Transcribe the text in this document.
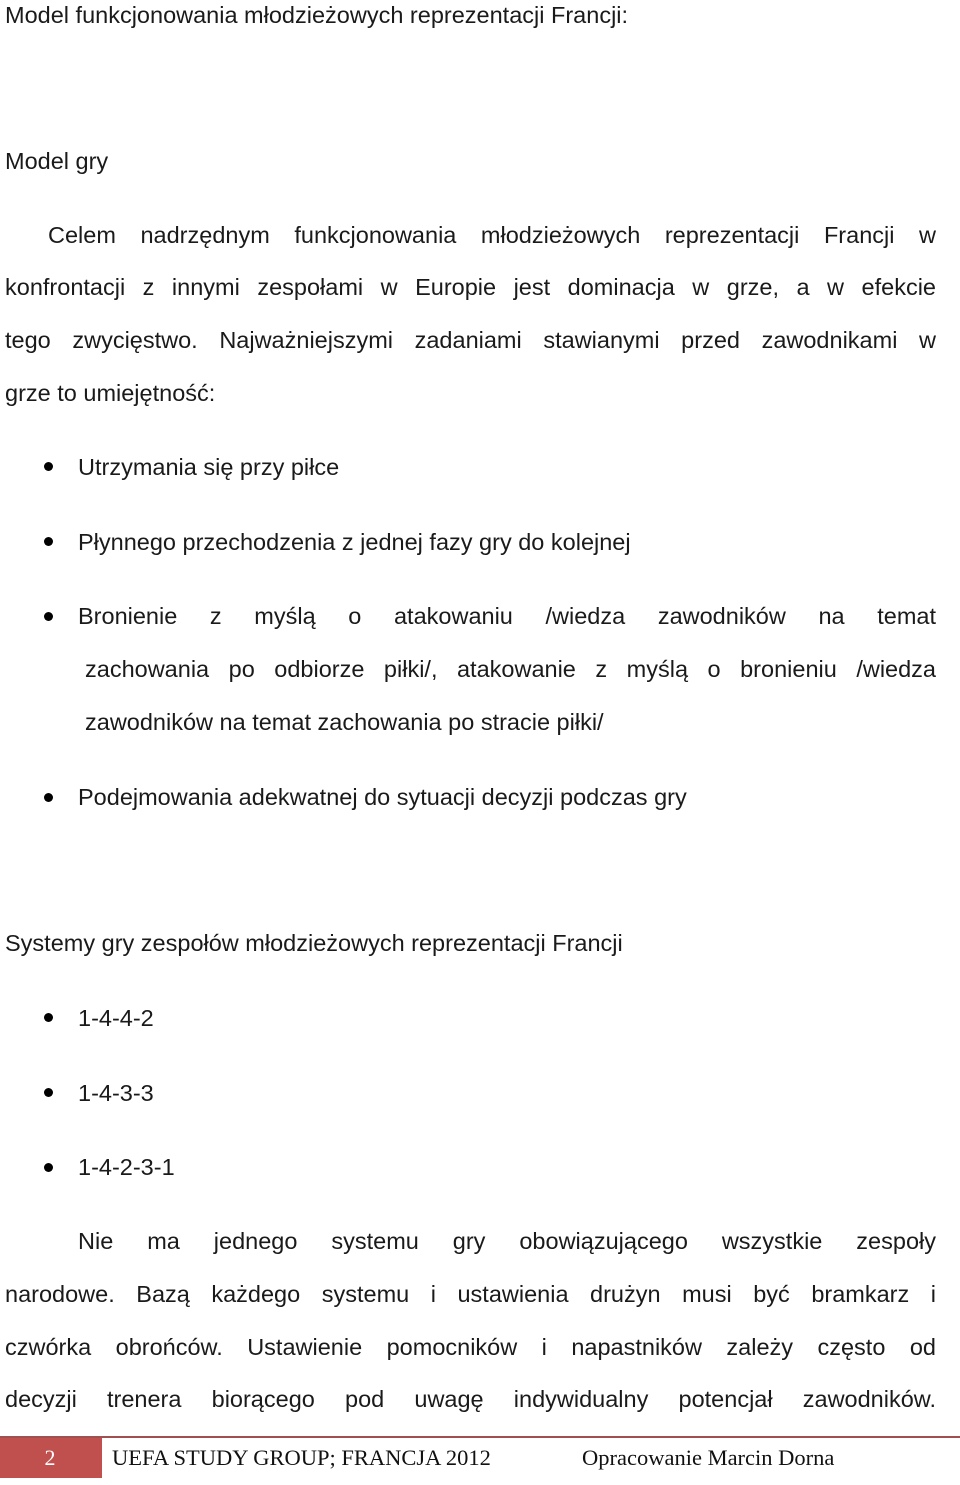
Model funkcjonowania młodzieżowych reprezentacji Francji:
Model gry
Celem nadrzędnym funkcjonowania młodzieżowych reprezentacji Francji w
konfrontacji z innymi zespołami w Europie jest dominacja w grze, a w efekcie
tego zwycięstwo. Najważniejszymi zadaniami stawianymi przed zawodnikami w
grze to umiejętność:
Utrzymania się przy piłce
Płynnego przechodzenia z jednej fazy gry do kolejnej
Bronienie z myślą o atakowaniu /wiedza zawodników na temat
zachowania po odbiorze piłki/, atakowanie z myślą o bronieniu /wiedza
zawodników na temat zachowania po stracie piłki/
Podejmowania adekwatnej do sytuacji decyzji podczas gry
Systemy gry zespołów młodzieżowych reprezentacji Francji
1-4-4-2
1-4-3-3
1-4-2-3-1
Nie ma jednego systemu gry obowiązującego wszystkie zespoły
narodowe. Bazą każdego systemu i ustawienia drużyn musi być bramkarz i
czwórka obrońców. Ustawienie pomocników i napastników zależy często od
decyzji trenera biorącego pod uwagę indywidualny potencjał zawodników.
2	UEFA STUDY GROUP; FRANCJA 2012	Opracowanie Marcin Dorna
